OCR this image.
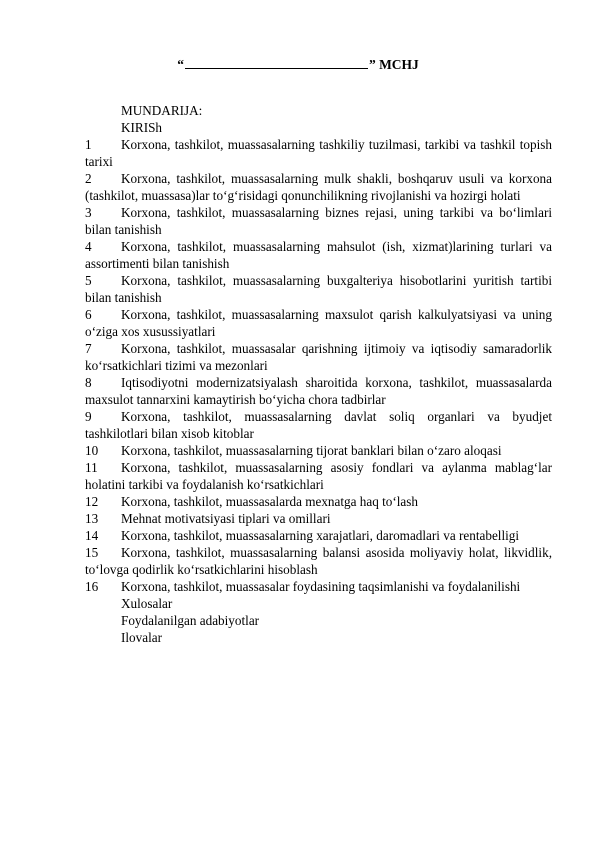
“	” MCHJ
MUNDARIJA:
KIRISh
1 Korxona, tashkilot, muassasalarning tashkiliy tuzilmasi, tarkibi va tashkil topish tarixi
2 Korxona, tashkilot, muassasalarning mulk shakli, boshqaruv usuli va korxona (tashkilot, muassasa)lar to‘g‘risidagi qonunchilikning rivojlanishi va hozirgi holati
3 Korxona, tashkilot, muassasalarning biznes rejasi, uning tarkibi va bo‘limlari bilan tanishish
4 Korxona, tashkilot, muassasalarning mahsulot (ish, xizmat)larining turlari va assortimenti bilan tanishish
5 Korxona, tashkilot, muassasalarning buxgalteriya hisobotlarini yuritish tartibi bilan tanishish
6 Korxona, tashkilot, muassasalarning maxsulot qarish kalkulyatsiyasi va uning o‘ziga xos xusussiyatlari
7 Korxona, tashkilot, muassasalar qarishning ijtimoiy va iqtisodiy samaradorlik ko‘rsatkichlari tizimi va mezonlari
8 Iqtisodiyotni modernizatsiyalash sharoitida korxona, tashkilot, muassasalarda maxsulot tannarxini kamaytirish bo‘yicha chora tadbirlar
9 Korxona, tashkilot, muassasalarning davlat soliq organlari va byudjet tashkilotlari bilan xisob kitoblar
10 Korxona, tashkilot, muassasalarning tijorat banklari bilan o‘zaro aloqasi
11 Korxona, tashkilot, muassasalarning asosiy fondlari va aylanma mablag‘lar holatini tarkibi va foydalanish ko‘rsatkichlari
12 Korxona, tashkilot, muassasalarda mexnatga haq to‘lash
13 Mehnat motivatsiyasi tiplari va omillari
14 Korxona, tashkilot, muassasalarning xarajatlari, daromadlari va rentabelligi
15 Korxona, tashkilot, muassasalarning balansi asosida moliyaviy holat, likvidlik, to‘lovga qodirlik ko‘rsatkichlarini hisoblash
16 Korxona, tashkilot, muassasalar foydasining taqsimlanishi va foydalanilishi
Xulosalar
Foydalanilgan adabiyotlar
Ilovalar
